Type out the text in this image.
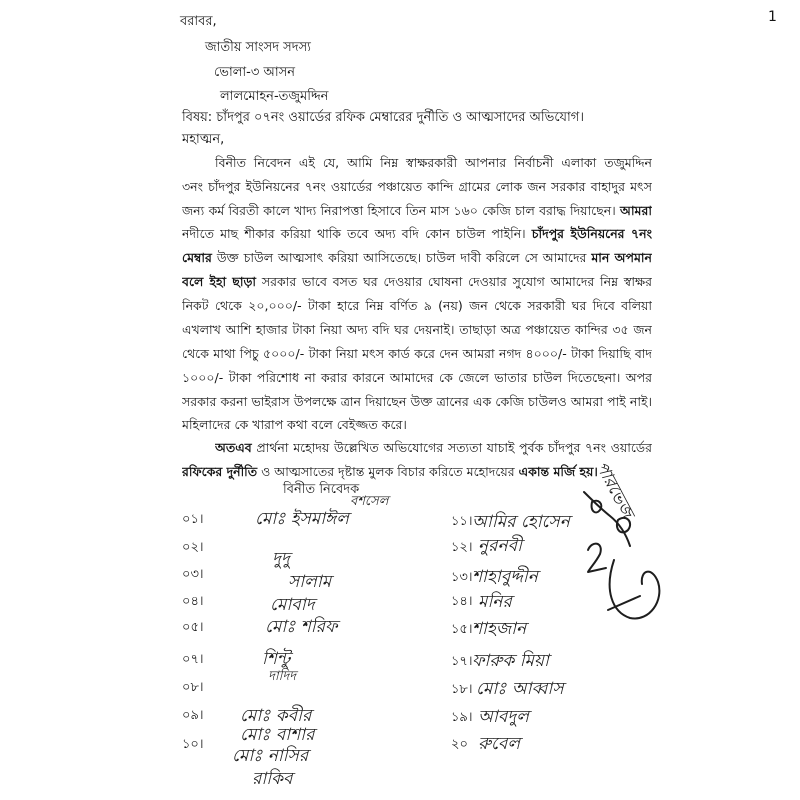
1
বরাবর,
জাতীয় সাংসদ সদস্য
ভোলা-৩ আসন
লালমোহন-তজুমদ্দিন
বিষয়: চাঁদপুর ০৭নং ওয়ার্ডের রফিক মেম্বারের দুর্নীতি ও আত্মসাদের অভিযোগ।
মহাত্মন,
বিনীত নিবেদন এই যে, আমি নিম্ন স্বাক্ষরকারী আপনার নির্বাচনী এলাকা তজুমদ্দিন
৩নং চাঁদপুর ইউনিয়নের ৭নং ওয়ার্ডের পঞ্চায়েত কান্দি গ্রামের লোক জন সরকার বাহাদুর মৎস
জন্য কর্ম বিরতী কালে খাদ্য নিরাপত্তা হিসাবে তিন মাস ১৬০ কেজি চাল বরাদ্ধ দিয়াছেন। আমরা
নদীতে মাছ শীকার করিয়া থাকি তবে অদ্য বদি কোন চাউল পাইনি। চাঁদপুর ইউনিয়নের ৭নং
মেম্বার উক্ত চাউল আত্মসাৎ করিয়া আসিতেছে। চাউল দাবী করিলে সে আমাদের মান অপমান
বলে ইহা ছাড়া সরকার ভাবে বসত ঘর দেওয়ার ঘোষনা দেওয়ার সুযোগ আমাদের নিম্ন স্বাক্ষর
নিকট থেকে ২০,০০০/- টাকা হারে নিম্ন বর্ণিত ৯ (নয়) জন থেকে সরকারী ঘর দিবে বলিয়া
এখলাখ আশি হাজার টাকা নিয়া অদ্য বদি ঘর দেয়নাই। তাছাড়া অত্র পঞ্চায়েত কান্দির ৩৫ জন
থেকে মাথা পিচু ৫০০০/- টাকা নিয়া মৎস কার্ড করে দেন আমরা নগদ ৪০০০/- টাকা দিয়াছি বাদ
১০০০/- টাকা পরিশোধ না করার কারনে আমাদের কে জেলে ভাতার চাউল দিতেছেনা। অপর
সরকার করনা ভাইরাস উপলক্ষে ত্রান দিয়াছেন উক্ত ত্রানের এক কেজি চাউলও আমরা পাই নাই।
মহিলাদের কে খারাপ কথা বলে বেইজ্জত করে।
অতএব প্রার্থনা মহোদয় উল্লেখিত অভিযোগের সত্যতা যাচাই পুর্বক চাঁদপুর ৭নং ওয়ার্ডের
রফিকের দুর্নীতি ও আত্মসাতের দৃষ্টান্ত মুলক বিচার করিতে মহোদয়ের একান্ত মর্জি হয়।
বিনীত নিবেদক
০১।
০২।
০৩।
০৪।
০৫।
০৭।
০৮।
০৯।
১০।
বশসেল
মোঃ ইসমাঈল
দুদু
সালাম
মোবাদ
মোঃ শরিফ
শিন্টু
দাদিদ
মোঃ কবীর
মোঃ বাশার
মোঃ নাসির
রাকিব
১১।
১২।
১৩।
১৪।
১৫।
১৭।
১৮।
১৯।
২০
আমির হোসেন
নুরনবী
শাহাবুদ্দীন
মনির
শাহজান
ফারুক মিয়া
মোঃ আব্বাস
আবদুল
রুবেল
পারভেজ
